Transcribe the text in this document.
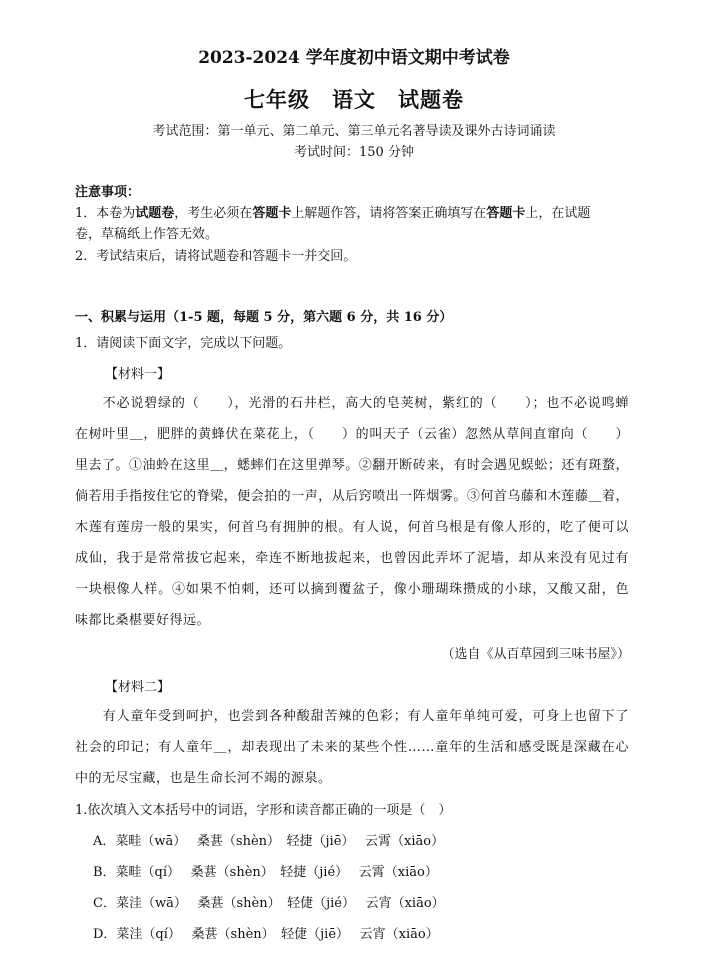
2023-2024 学年度初中语文期中考试卷
七年级　语文　试题卷
考试范围：第一单元、第二单元、第三单元名著导读及课外古诗词诵读
考试时间：150 分钟
注意事项：
1．本卷为试题卷，考生必须在答题卡上解题作答，请将答案正确填写在答题卡上，在试题
卷，草稿纸上作答无效。
2．考试结束后，请将试题卷和答题卡一并交回。
一、积累与运用（1-5 题，每题 5 分，第六题 6 分，共 16 分）
1．请阅读下面文字，完成以下问题。
【材料一】
　　不必说碧绿的（　　），光滑的石井栏，高大的皂荚树，紫红的（　　）；也不必说鸣蝉
在树叶里＿，肥胖的黄蜂伏在菜花上，（　　）的叫天子（云雀）忽然从草间直窜向（　　）
里去了。①油蛉在这里＿，蟋蟀们在这里弹琴。②翻开断砖来，有时会遇见蜈蚣；还有斑蝥，
倘若用手指按住它的脊梁，便会拍的一声，从后窍喷出一阵烟雾。③何首乌藤和木莲藤＿着，
木莲有莲房一般的果实，何首乌有拥肿的根。有人说，何首乌根是有像人形的，吃了便可以
成仙，我于是常常拔它起来，牵连不断地拔起来，也曾因此弄坏了泥墙，却从来没有见过有
一块根像人样。④如果不怕刺，还可以摘到覆盆子，像小珊瑚珠攒成的小球，又酸又甜，色
味都比桑椹要好得远。
（选自《从百草园到三味书屋》）
【材料二】
　　有人童年受到呵护，也尝到各种酸甜苦辣的色彩；有人童年单纯可爱，可身上也留下了
社会的印记；有人童年＿，却表现出了未来的某些个性……童年的生活和感受既是深藏在心
中的无尽宝藏，也是生命长河不竭的源泉。
1.依次填入文本括号中的词语，字形和读音都正确的一项是（　）
A．菜畦（wā）　 桑葚（shèn）　轻捷（jiē）　 云霄（xiāo）
B．菜畦（qí）　 桑葚（shèn）　轻捷（jié）　 云霄（xiāo）
C．菜洼（wā）　 桑葚（shèn）　轻倢（jié）　 云宵（xiāo）
D．菜洼（qí）　 桑葚（shèn）　轻倢（jiē）　 云宵（xiāo）
